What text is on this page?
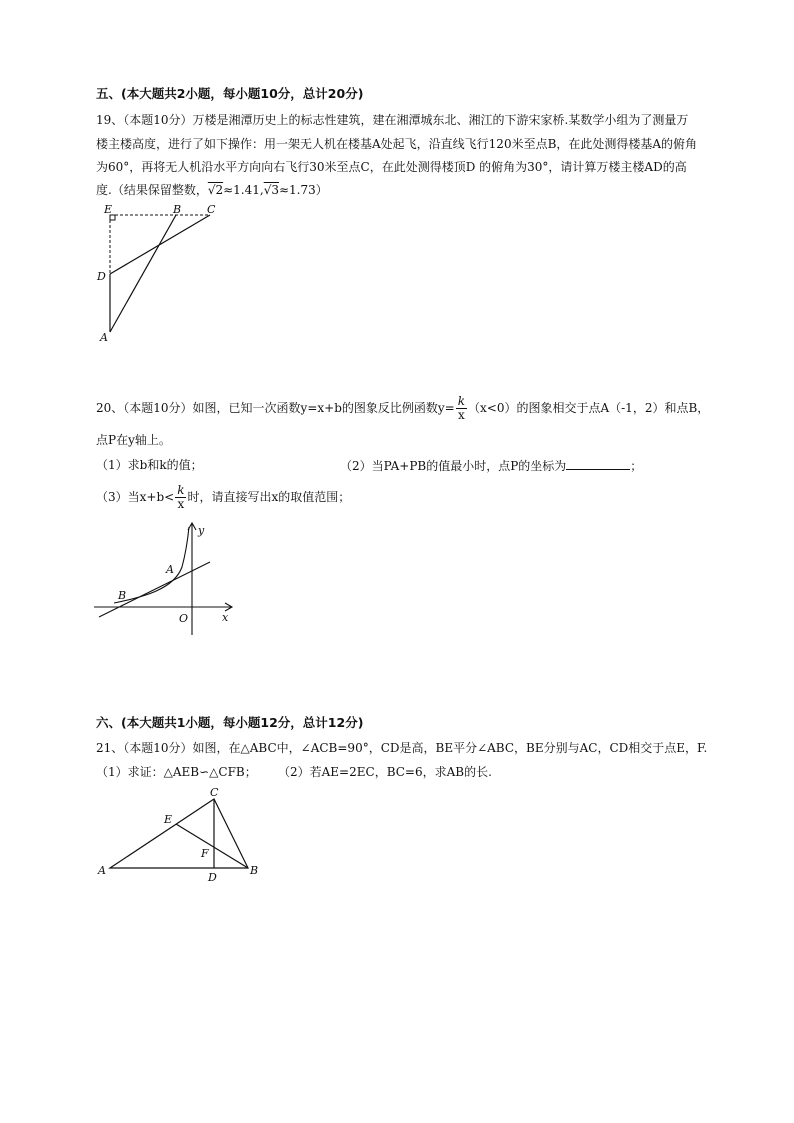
五、(本大题共2小题，每小题10分，总计20分)
19、（本题10分）万楼是湘潭历史上的标志性建筑，建在湘潭城东北、湘江的下游宋家桥.某数学小组为了测量万
楼主楼高度，进行了如下操作：用一架无人机在楼基A处起飞，沿直线飞行120米至点B，在此处测得楼基A的俯角
为60°，再将无人机沿水平方向向右飞行30米至点C，在此处测得楼顶D 的俯角为30°，请计算万楼主楼AD的高
度.（结果保留整数，√2≈1.41,√3≈1.73）
E	B C
D
A
20、（本题10分）如图，已知一次函数y=x+b的图象反比例函数$y= \frac{k}{x} (x<0)$的图象相交于点A（-1，2）和点B，
点P在y轴上。
（1）求b和k的值；	（2）当PA+PB的值最小时，点P的坐标为	；
（3）当$x+b< \frac{k}{x}$ 时，请直接写出x的取值范围；
y
A
B
O	x
六、(本大题共1小题，每小题12分，总计12分)
21、（本题10分）如图，在△ABC中，∠ACB=90°，CD是高，BE平分∠ABC，BE分别与AC，CD相交于点E，F.
（1）求证：△AEB∽△CFB； （2）若AE=2EC，BC=6，求AB的长.
C
E
F
A
D
B
